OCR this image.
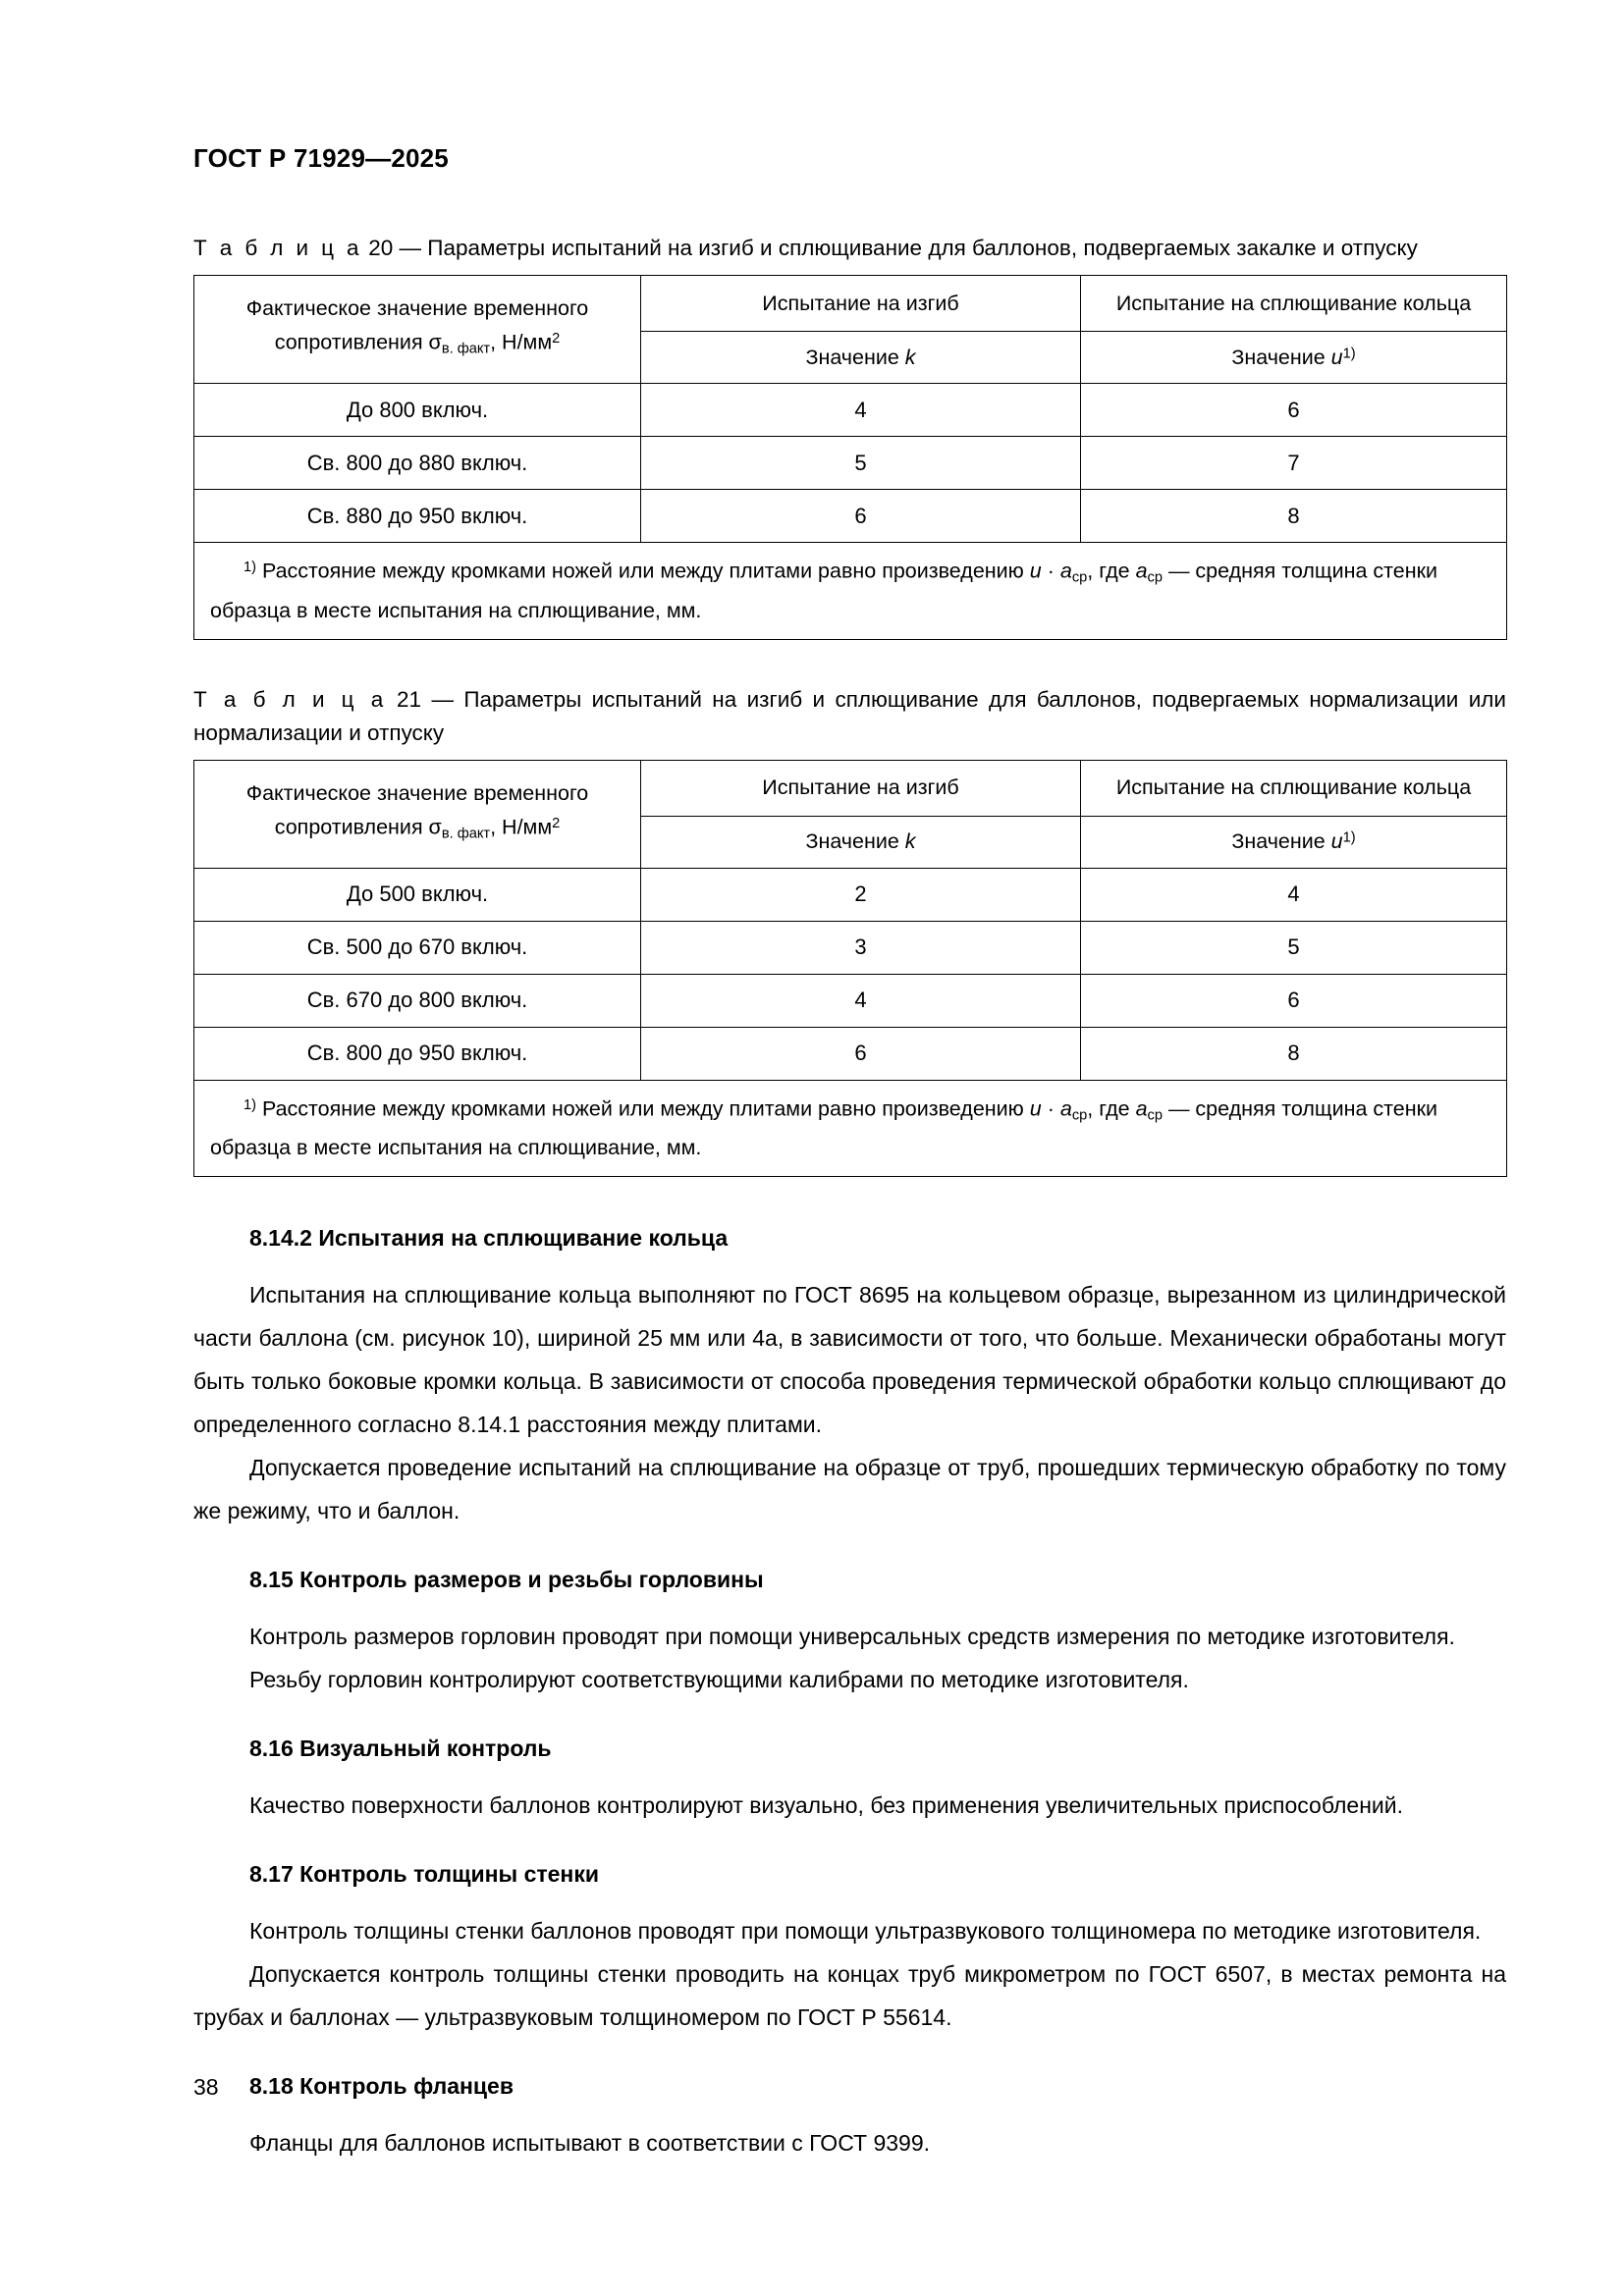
ГОСТ Р 71929—2025
Т а б л и ц а 20 — Параметры испытаний на изгиб и сплющивание для баллонов, подвергаемых закалке и отпуску
Фактическое значение временного
сопротивления $\sigma_{в. факт}$, $Н/мм^2$	Испытание на изгиб	Испытание на сплющивание кольца
	Значение k	Значение $u^{1)}$
До 800 включ.	4	6
Св. 800 до 880 включ.	5	7
Св. 880 до 950 включ.	6	8
$^{1)}$ Расстояние между кромками ножей или между плитами равно произведению $u \cdot a_{ср}$, где $a_{ср}$ — средняя толщина стенки образца в месте испытания на сплющивание, мм.		
Т а б л и ц а 21 — Параметры испытаний на изгиб и сплющивание для баллонов, подвергаемых нормализации или нормализации и отпуску
Фактическое значение временного
сопротивления $\sigma_{в. факт}$, $Н/мм^2$	Испытание на изгиб	Испытание на сплющивание кольца
	Значение k	Значение $u^{1)}$
До 500 включ.	2	4
Св. 500 до 670 включ.	3	5
Св. 670 до 800 включ.	4	6
Св. 800 до 950 включ.	6	8
$^{1)}$ Расстояние между кромками ножей или между плитами равно произведению $u \cdot a_{ср}$, где $a_{ср}$ — средняя толщина стенки образца в месте испытания на сплющивание, мм.		
8.14.2 Испытания на сплющивание кольца

Испытания на сплющивание кольца выполняют по ГОСТ 8695 на кольцевом образце, вырезанном из цилиндрической части баллона (см. рисунок 10), шириной 25 мм или 4а, в зависимости от того, что больше. Механически обработаны могут быть только боковые кромки кольца. В зависимости от способа проведения термической обработки кольцо сплющивают до определенного согласно 8.14.1 расстояния между плитами.

Допускается проведение испытаний на сплющивание на образце от труб, прошедших термическую обработку по тому же режиму, что и баллон.

8.15 Контроль размеров и резьбы горловины

Контроль размеров горловин проводят при помощи универсальных средств измерения по методике изготовителя.

Резьбу горловин контролируют соответствующими калибрами по методике изготовителя.

8.16 Визуальный контроль

Качество поверхности баллонов контролируют визуально, без применения увеличительных приспособлений.

8.17 Контроль толщины стенки

Контроль толщины стенки баллонов проводят при помощи ультразвукового толщиномера по методике изготовителя.

Допускается контроль толщины стенки проводить на концах труб микрометром по ГОСТ 6507, в местах ремонта на трубах и баллонах — ультразвуковым толщиномером по ГОСТ Р 55614.

8.18 Контроль фланцев

Фланцы для баллонов испытывают в соответствии с ГОСТ 9399.

38
